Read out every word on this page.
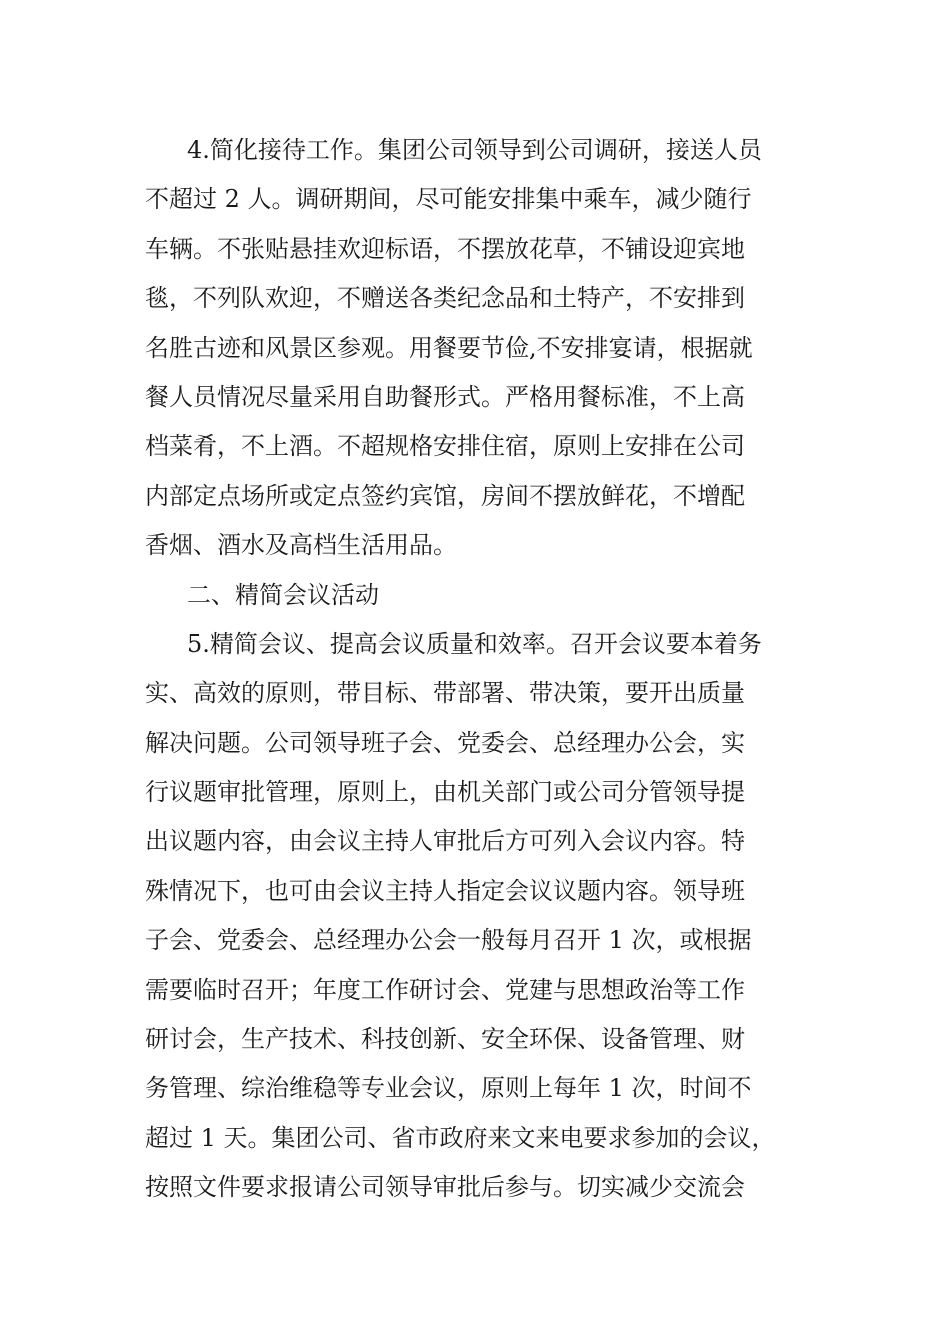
4.简化接待工作。集团公司领导到公司调研，接送人员
不超过 2 人。调研期间，尽可能安排集中乘车，减少随行
车辆。不张贴悬挂欢迎标语，不摆放花草，不铺设迎宾地
毯，不列队欢迎，不赠送各类纪念品和土特产，不安排到
名胜古迹和风景区参观。用餐要节俭,不安排宴请，根据就
餐人员情况尽量采用自助餐形式。严格用餐标准，不上高
档菜肴，不上酒。不超规格安排住宿，原则上安排在公司
内部定点场所或定点签约宾馆，房间不摆放鲜花，不增配
香烟、酒水及高档生活用品。
二、精简会议活动
5.精简会议、提高会议质量和效率。召开会议要本着务
实、高效的原则，带目标、带部署、带决策，要开出质量
解决问题。公司领导班子会、党委会、总经理办公会，实
行议题审批管理，原则上，由机关部门或公司分管领导提
出议题内容，由会议主持人审批后方可列入会议内容。特
殊情况下，也可由会议主持人指定会议议题内容。领导班
子会、党委会、总经理办公会一般每月召开 1 次，或根据
需要临时召开；年度工作研讨会、党建与思想政治等工作
研讨会，生产技术、科技创新、安全环保、设备管理、财
务管理、综治维稳等专业会议，原则上每年 1 次，时间不
超过 1 天。集团公司、省市政府来文来电要求参加的会议，
按照文件要求报请公司领导审批后参与。切实减少交流会
